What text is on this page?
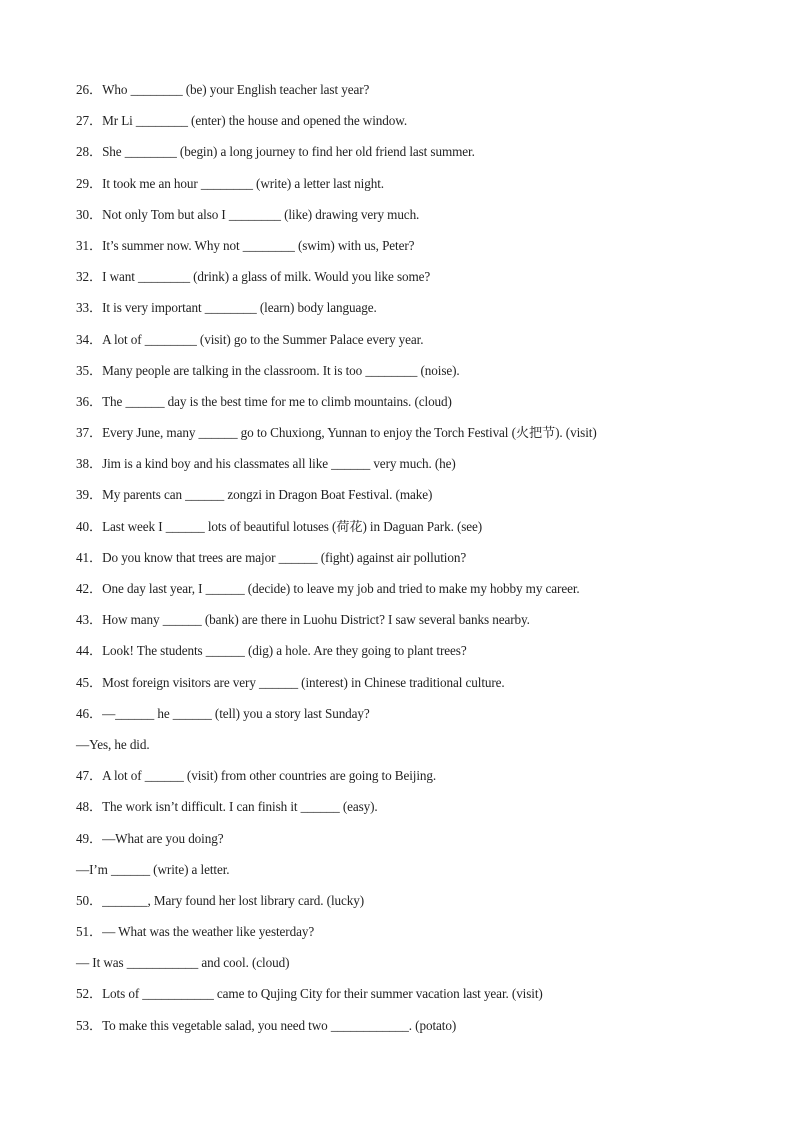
26．Who ________ (be) your English teacher last year?
27．Mr Li ________ (enter) the house and opened the window.
28．She ________ (begin) a long journey to find her old friend last summer.
29．It took me an hour ________ (write) a letter last night.
30．Not only Tom but also I ________ (like) drawing very much.
31．It’s summer now. Why not ________ (swim) with us, Peter?
32．I want ________ (drink) a glass of milk. Would you like some?
33．It is very important ________ (learn) body language.
34．A lot of ________ (visit) go to the Summer Palace every year.
35．Many people are talking in the classroom. It is too ________ (noise).
36．The ______ day is the best time for me to climb mountains. (cloud)
37．Every June, many ______ go to Chuxiong, Yunnan to enjoy the Torch Festival (火把节). (visit)
38．Jim is a kind boy and his classmates all like ______ very much. (he)
39．My parents can ______ zongzi in Dragon Boat Festival. (make)
40．Last week I ______ lots of beautiful lotuses (荷花) in Daguan Park. (see)
41．Do you know that trees are major ______ (fight) against air pollution?
42．One day last year, I ______ (decide) to leave my job and tried to make my hobby my career.
43．How many ______ (bank) are there in Luohu District? I saw several banks nearby.
44．Look! The students ______ (dig) a hole. Are they going to plant trees?
45．Most foreign visitors are very ______ (interest) in Chinese traditional culture.
46．—______ he ______ (tell) you a story last Sunday?
—Yes, he did.
47．A lot of ______ (visit) from other countries are going to Beijing.
48．The work isn’t difficult. I can finish it ______ (easy).
49．—What are you doing?
—I’m ______ (write) a letter.
50．_______, Mary found her lost library card. (lucky)
51．— What was the weather like yesterday?
— It was ___________ and cool. (cloud)
52．Lots of ___________ came to Qujing City for their summer vacation last year. (visit)
53．To make this vegetable salad, you need two ____________. (potato)
